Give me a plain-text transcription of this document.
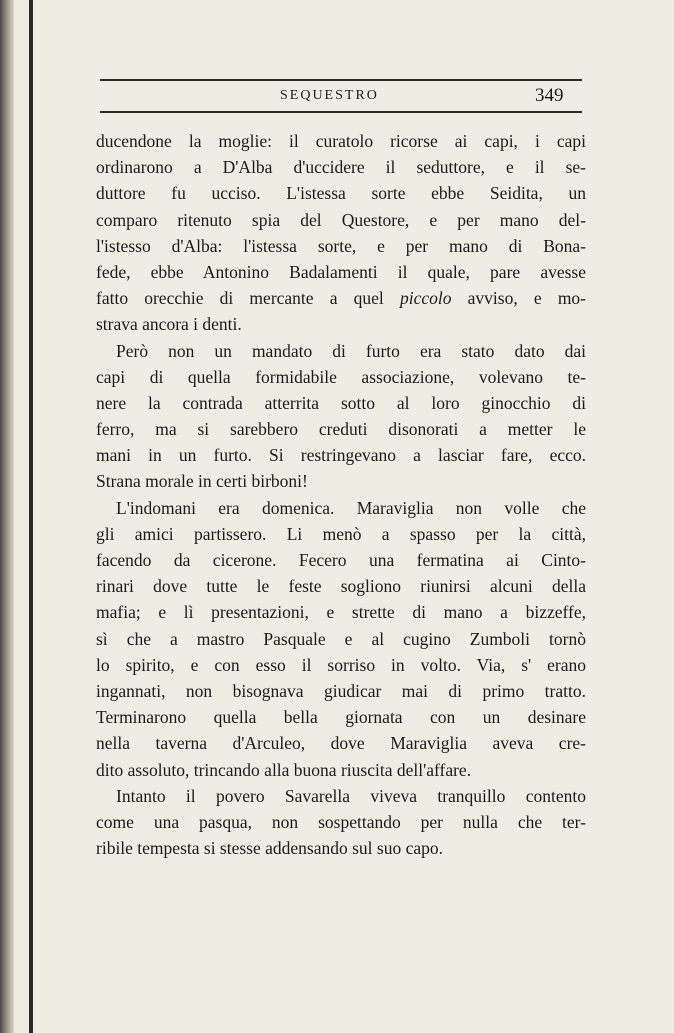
SEQUESTRO	349
ducendone la moglie: il curatolo ricorse ai capi, i capi
ordinarono a D'Alba d'uccidere il seduttore, e il se-
duttore fu ucciso. L'istessa sorte ebbe Seidita, un
comparo ritenuto spia del Questore, e per mano del-
l'istesso d'Alba: l'istessa sorte, e per mano di Bona-
fede, ebbe Antonino Badalamenti il quale, pare avesse
fatto orecchie di mercante a quel piccolo avviso, e mo-
strava ancora i denti.
Però non un mandato di furto era stato dato dai
capi di quella formidabile associazione, volevano te-
nere la contrada atterrita sotto al loro ginocchio di
ferro, ma si sarebbero creduti disonorati a metter le
mani in un furto. Si restringevano a lasciar fare, ecco.
Strana morale in certi birboni!
L'indomani era domenica. Maraviglia non volle che
gli amici partissero. Li menò a spasso per la città,
facendo da cicerone. Fecero una fermatina ai Cinto-
rinari dove tutte le feste sogliono riunirsi alcuni della
mafia; e lì presentazioni, e strette di mano a bizzeffe,
sì che a mastro Pasquale e al cugino Zumboli tornò
lo spirito, e con esso il sorriso in volto. Via, s' erano
ingannati, non bisognava giudicar mai di primo tratto.
Terminarono quella bella giornata con un desinare
nella taverna d'Arculeo, dove Maraviglia aveva cre-
dito assoluto, trincando alla buona riuscita dell'affare.
Intanto il povero Savarella viveva tranquillo contento
come una pasqua, non sospettando per nulla che ter-
ribile tempesta si stesse addensando sul suo capo.
